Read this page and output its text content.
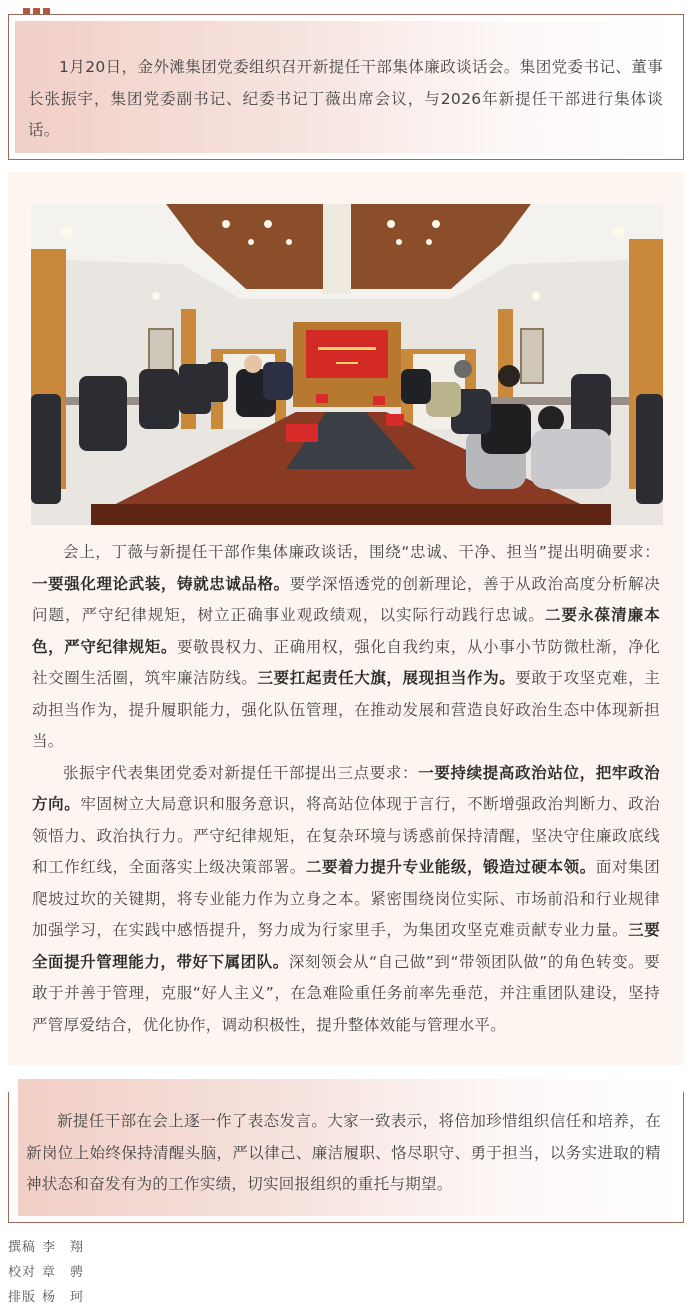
1月20日，金外滩集团党委组织召开新提任干部集体廉政谈话会。集团党委书记、董事长张振宇，集团党委副书记、纪委书记丁薇出席会议，与2026年新提任干部进行集体谈话。

会上，丁薇与新提任干部作集体廉政谈话，围绕“忠诚、干净、担当”提出明确要求：一要强化理论武装，铸就忠诚品格。要学深悟透党的创新理论，善于从政治高度分析解决问题，严守纪律规矩，树立正确事业观政绩观，以实际行动践行忠诚。二要永葆清廉本色，严守纪律规矩。要敬畏权力、正确用权，强化自我约束，从小事小节防微杜渐，净化社交圈生活圈，筑牢廉洁防线。三要扛起责任大旗，展现担当作为。要敢于攻坚克难，主动担当作为，提升履职能力，强化队伍管理，在推动发展和营造良好政治生态中体现新担当。

张振宇代表集团党委对新提任干部提出三点要求：一要持续提高政治站位，把牢政治方向。牢固树立大局意识和服务意识，将高站位体现于言行，不断增强政治判断力、政治领悟力、政治执行力。严守纪律规矩，在复杂环境与诱惑前保持清醒，坚决守住廉政底线和工作红线，全面落实上级决策部署。二要着力提升专业能级，锻造过硬本领。面对集团爬坡过坎的关键期，将专业能力作为立身之本。紧密围绕岗位实际、市场前沿和行业规律加强学习，在实践中感悟提升，努力成为行家里手，为集团攻坚克难贡献专业力量。三要全面提升管理能力，带好下属团队。深刻领会从“自己做”到“带领团队做”的角色转变。要敢于并善于管理，克服“好人主义”，在急难险重任务前率先垂范，并注重团队建设，坚持严管厚爱结合，优化协作，调动积极性，提升整体效能与管理水平。

新提任干部在会上逐一作了表态发言。大家一致表示，将倍加珍惜组织信任和培养，在新岗位上始终保持清醒头脑，严以律己、廉洁履职、恪尽职守、勇于担当，以务实进取的精神状态和奋发有为的工作实绩，切实回报组织的重托与期望。

撰稿 李　翔
校对 章　骋
排版 杨　珂
